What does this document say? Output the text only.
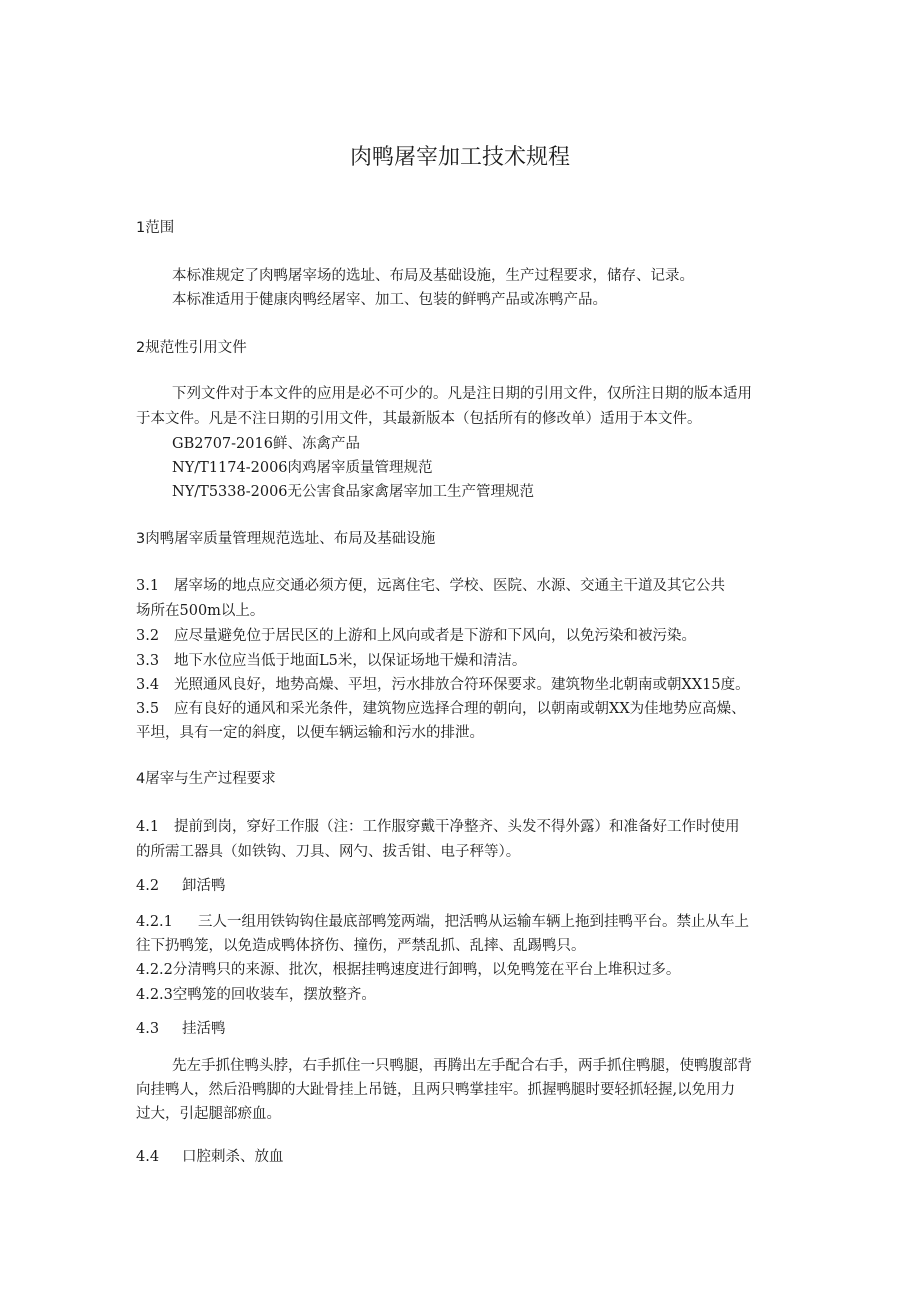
肉鸭屠宰加工技术规程
1范围
本标准规定了肉鸭屠宰场的选址、布局及基础设施，生产过程要求，储存、记录。
本标准适用于健康肉鸭经屠宰、加工、包装的鲜鸭产品或冻鸭产品。
2规范性引用文件
下列文件对于本文件的应用是必不可少的。凡是注日期的引用文件，仅所注日期的版本适用
于本文件。凡是不注日期的引用文件，其最新版本（包括所有的修改单）适用于本文件。
GB2707-2016鲜、冻禽产品
NY/T1174-2006肉鸡屠宰质量管理规范
NY/T5338-2006无公害食品家禽屠宰加工生产管理规范
3肉鸭屠宰质量管理规范选址、布局及基础设施
3.1 屠宰场的地点应交通必须方便，远离住宅、学校、医院、水源、交通主干道及其它公共
场所在500m以上。
3.2 应尽量避免位于居民区的上游和上风向或者是下游和下风向，以免污染和被污染。
3.3 地下水位应当低于地面L5米，以保证场地干燥和清洁。
3.4 光照通风良好，地势高燥、平坦，污水排放合符环保要求。建筑物坐北朝南或朝XX15度。
3.5 应有良好的通风和采光条件，建筑物应选择合理的朝向，以朝南或朝XX为佳地势应高燥、
平坦，具有一定的斜度，以便车辆运输和污水的排泄。
4屠宰与生产过程要求
4.1 提前到岗，穿好工作服（注：工作服穿戴干净整齐、头发不得外露）和准备好工作时使用
的所需工器具（如铁钩、刀具、网勺、拔舌钳、电子秤等）。
4.2 卸活鸭
4.2.1 三人一组用铁钩钩住最底部鸭笼两端，把活鸭从运输车辆上拖到挂鸭平台。禁止从车上
往下扔鸭笼，以免造成鸭体挤伤、撞伤，严禁乱抓、乱摔、乱踢鸭只。
4.2.2分清鸭只的来源、批次，根据挂鸭速度进行卸鸭，以免鸭笼在平台上堆积过多。
4.2.3空鸭笼的回收装车，摆放整齐。
4.3 挂活鸭
先左手抓住鸭头脖，右手抓住一只鸭腿，再腾出左手配合右手，两手抓住鸭腿，使鸭腹部背
向挂鸭人，然后沿鸭脚的大趾骨挂上吊链，且两只鸭掌挂牢。抓握鸭腿时要轻抓轻握,以免用力
过大，引起腿部瘀血。
4.4 口腔刺杀、放血
